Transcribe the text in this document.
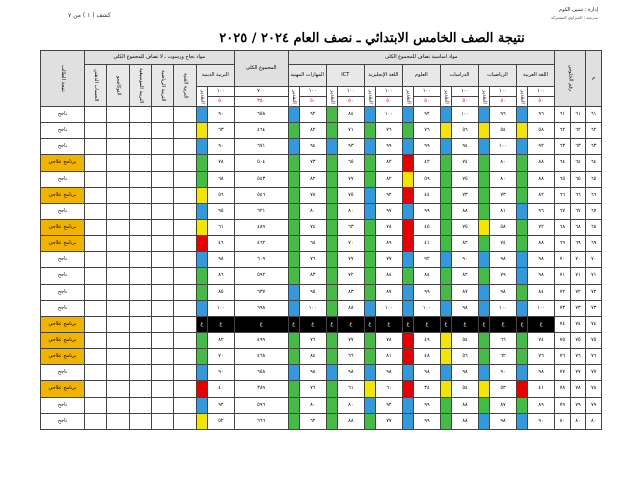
كشف ( ١ ) من ٧
إدارة : شبين الكوم
مدرسة : الجيزاوي المشتركة
نتيجة الصف الخامس الابتدائي ـ نصف العام ٢٠٢٤ / ٢٠٢٥
م	رقم الجلوس		مواد اساسية تضاف للمجموع الكلى														المجموع الكلى	مواد نجاح ورسوب ـ لا تضاف للمجموع الكلي							نتيجة الطالب
			اللغة العربية		الرياضيات		الدراسات		العلوم		اللغة الإنجليزية		ICT		المهارات المهنية			التربية الدينية		التربية الفنية	التربية الرياضية	التربية الموسيقية	التوكاتسو	الحساب الذهني	
			١٠٠	التقدير	١٠٠	التقدير	١٠٠	التقدير	١٠٠	التقدير	١٠٠	التقدير	١٠٠	التقدير	١٠٠	التقدير	٧٠٠	١٠٠	التقدير						
			٥٠		٥٠		٥٠		٥٠		٥٠		٥٠		٥٠		٣٥٠	٥٠							
٦١	٦١	٦١	٩٦		٩٦		١٠٠		٩٢		١٠٠		٨٤		٩٢		٦٥٨	٩٠							ناجح
٦٢	٦٢	٦٢	٥٨		٥٤		٥٦		٧٦		٧٦		٧١		٨٢		٤٦٤	٦٣							ناجح
٦٣	٦٣	٦٣	٩٢		١٠٠		٩٤		٩٩		٩٩		٩٣		٩٤		٦٧١	٩٠							ناجح
٦٤	٦٤	٦٤	٨٨		٨٠		٧٤		٤٢		٨٢		٦٥		٧٣		٥٠٤	٧٨							برنامج علاجي
٦٥	٦٥	٦٥	٨٨		٨٠		٧٥		٥٩		٨٢		٧٧		٨٢		٥٤٣	٦٨							ناجح
٦٦	٦٦	٦٦	٨٢		٧٣		٧٣		٤٤		٩٢		٧٥		٧٨		٥٤٦	٥٦							برنامج علاجي
٦٧	٦٧	٦٧	٩٦		٨١		٨٨		٩٩		٩٧		٨٠		٨٠		٦٢١	٩٥							ناجح
٦٨	٦٨	٦٨	٧٢		٥٨		٧٥		٤٥		٧٨		٦٣		٧٤		٤٨٩	٦١							برنامج علاجي
٦٩	٦٩	٦٩	٨٨		٧٤		٨٢		٤١		٨٩		٧٠		٦٨		٤٦٢	٤٦							برنامج علاجي
٧٠	٧٠	٧٠	٩٨		٩٨		٩٠		٩٢		٧٧		٧٧		٧٦		٦٠٩	٩٨							ناجح
٧١	٧١	٧١	٩٨		٧٩		٨٢		٨٤		٨٤		٧٢		٨٣		٥٩٢	٨٦							ناجح
٧٢	٧٢	٧٢	٨٤		٩٨		٨٧		٩٩		٨٧		٨٣		٩٥		٦٣٧	٨٥							ناجح
٧٣	٧٣	٧٣	١٠٠		١٠٠		٩٨		١٠٠		١٠٠		٨٨		١٠٠		٦٩٨	١٠٠							ناجح
٧٤	٧٤	٧٤	غ	غ	غ	غ	غ	غ	غ	غ	غ	غ	غ	غ	غ	غ	غ	غ	غ						برنامج علاجي
٧٥	٧٥	٧٥	٧٤		٦٦		٥٤		٤٩		٧٨		٧٧		٧٦		٤٩٩	٨٢							برنامج علاجي
٧٦	٧٦	٧٦	٧٦		٦٢		٥٦		٤٨		٨١		٦٦		٨٤		٤٦٨	٧٠							برنامج علاجي
٧٧	٧٧	٧٧	٩٨		٩٠		٩٨		٩٨		٩٨		٩٨		٩٨		٦٥٨	٩٠							ناجح
٧٨	٧٨	٧٨	٤١		٥٣		٥٤		٣٤		٦٠		٦١		٧٦		٣٨٩	٤٠							برنامج علاجي
٧٩	٧٩	٧٩	٨٩		٨٧		٨٨		٩٩		٩٢		٨٠		٨٠		٥٩٦	٩٢							ناجح
٨٠	٨٠	٨٠	٩٠		٩٨		٨٨		٩٩		٧٧		٨٨		٦٢		٦٦٦	٥٢							ناجح
